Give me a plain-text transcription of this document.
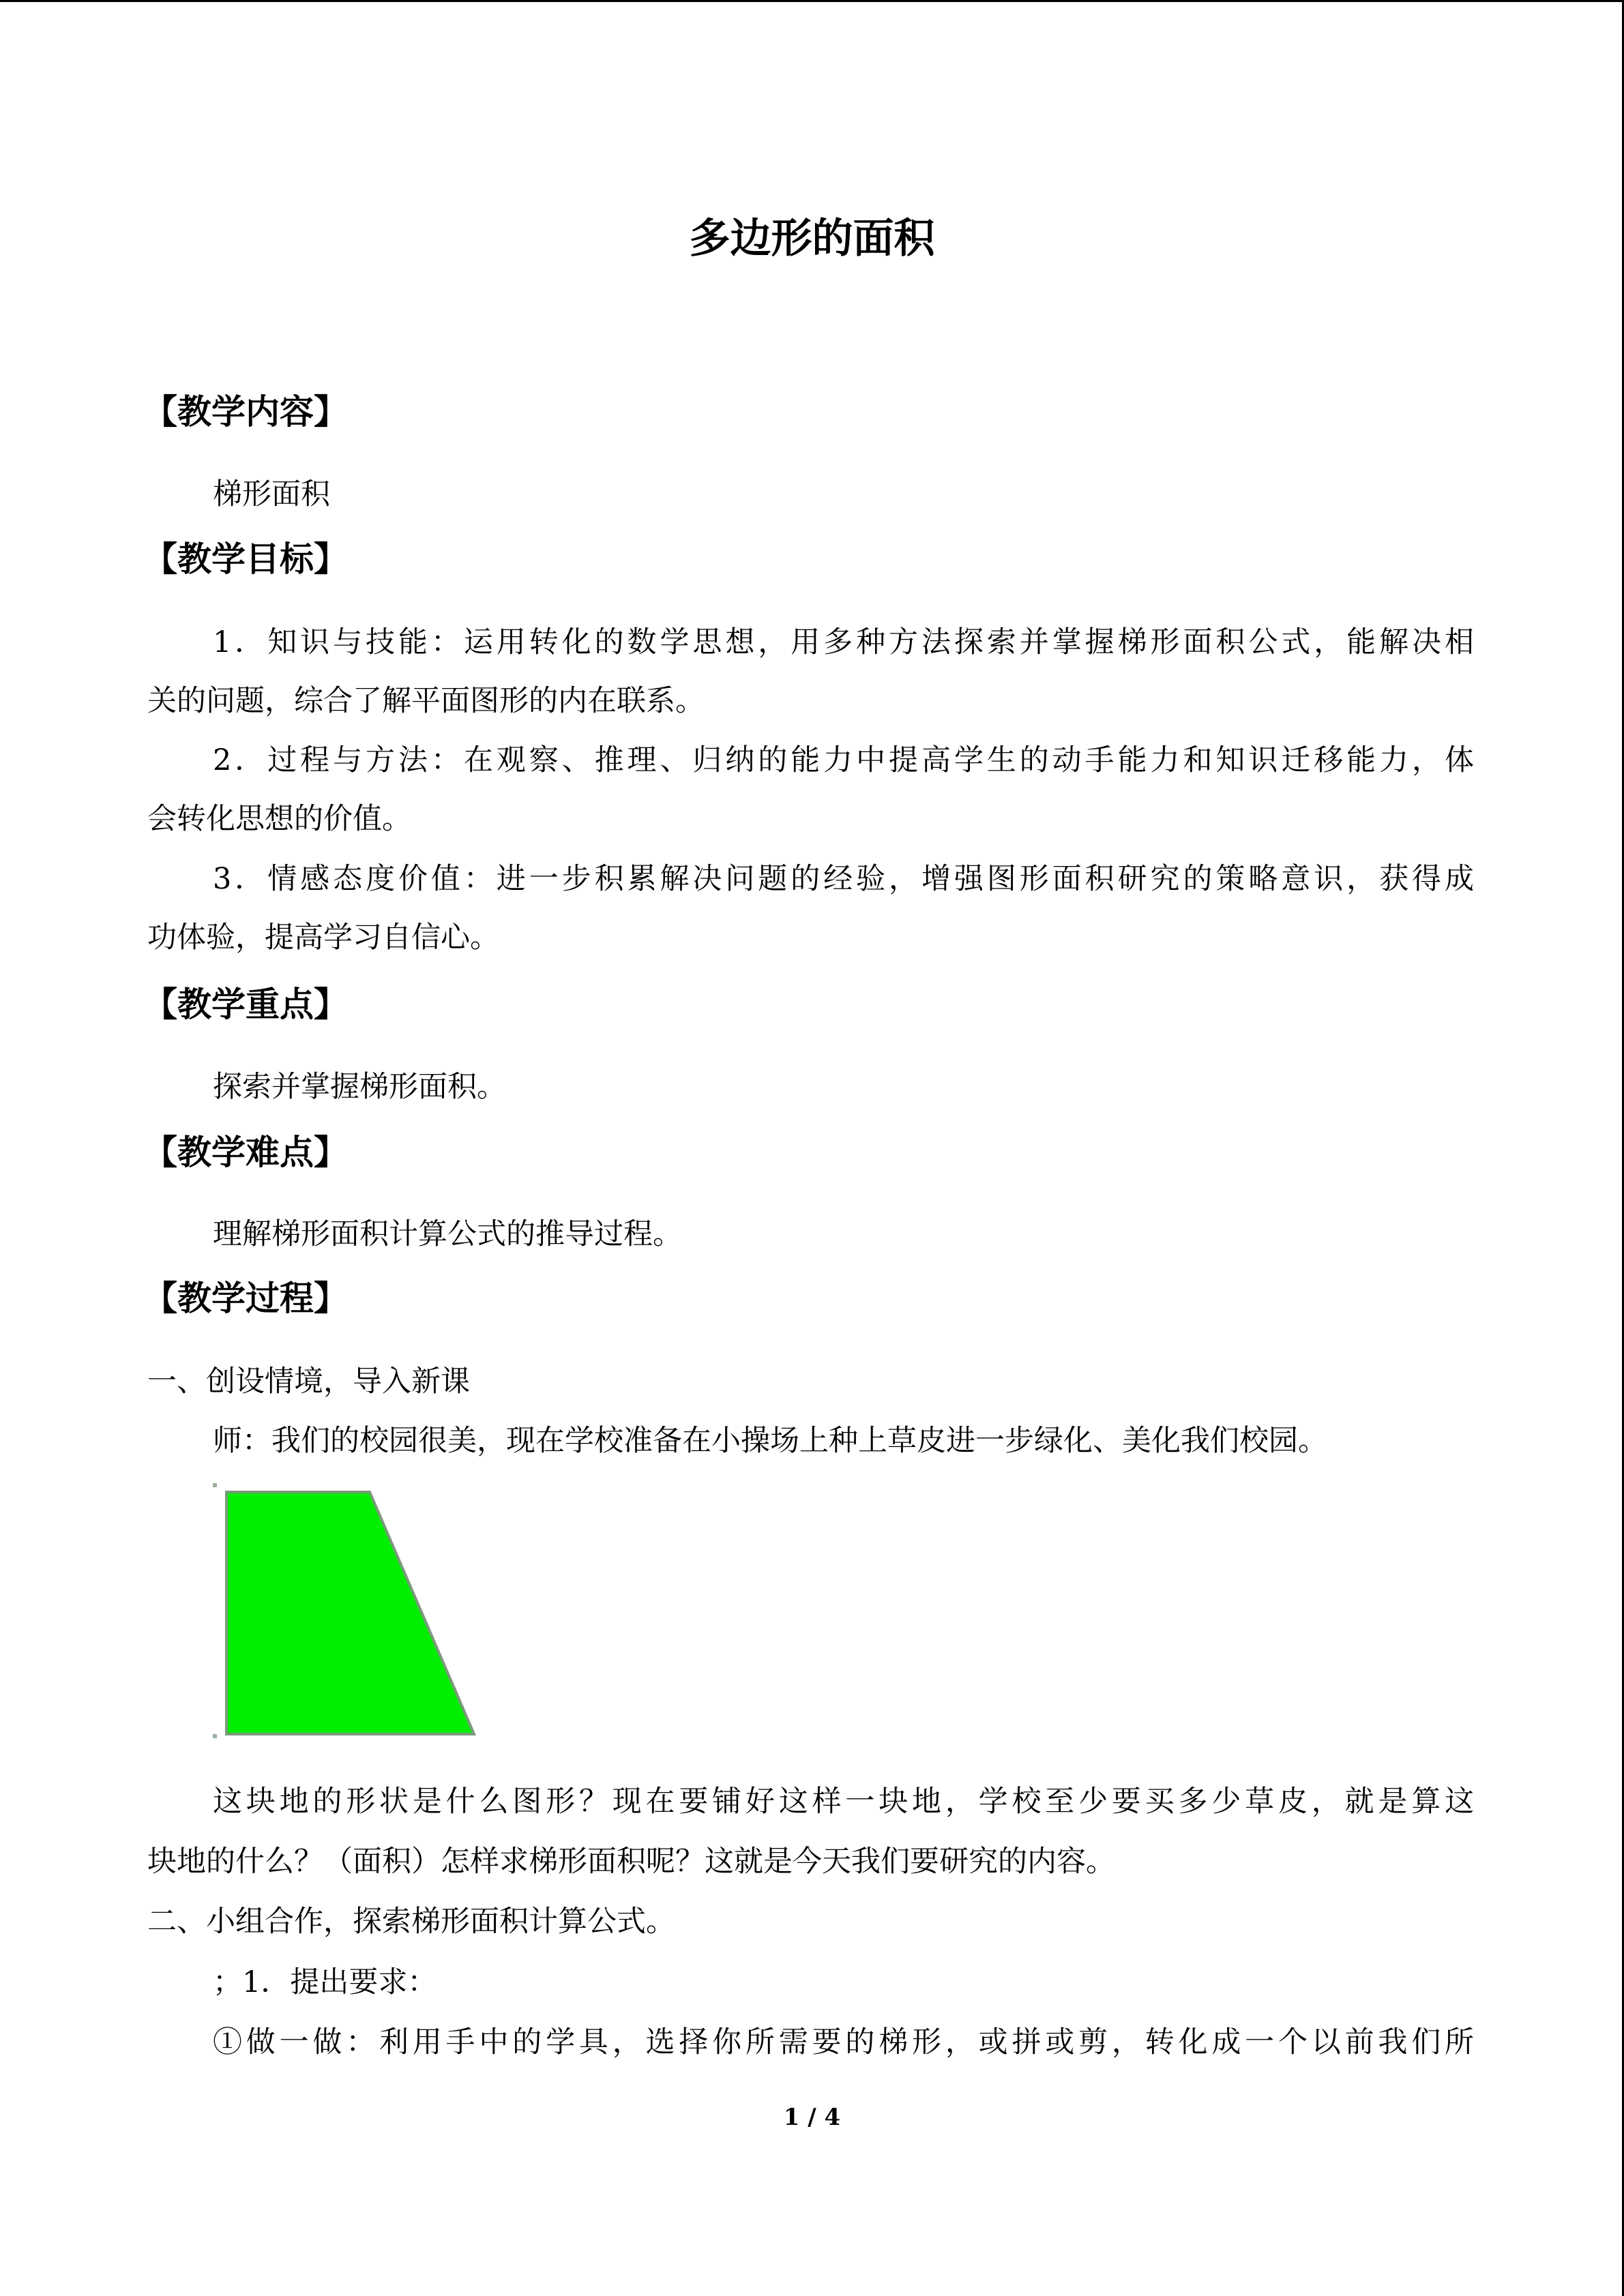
多边形的面积
【教学内容】
梯形面积
【教学目标】
1．知识与技能：运用转化的数学思想，用多种方法探索并掌握梯形面积公式，能解决相
关的问题，综合了解平面图形的内在联系。
2．过程与方法：在观察、推理、归纳的能力中提高学生的动手能力和知识迁移能力，体
会转化思想的价值。
3．情感态度价值：进一步积累解决问题的经验，增强图形面积研究的策略意识，获得成
功体验，提高学习自信心。
【教学重点】
探索并掌握梯形面积。
【教学难点】
理解梯形面积计算公式的推导过程。
【教学过程】
一、创设情境，导入新课
师：我们的校园很美，现在学校准备在小操场上种上草皮进一步绿化、美化我们校园。
这块地的形状是什么图形？现在要铺好这样一块地，学校至少要买多少草皮，就是算这
块地的什么？（面积）怎样求梯形面积呢？这就是今天我们要研究的内容。
二、小组合作，探索梯形面积计算公式。
；1．提出要求：
①做一做：利用手中的学具，选择你所需要的梯形，或拼或剪，转化成一个以前我们所
1 / 4
